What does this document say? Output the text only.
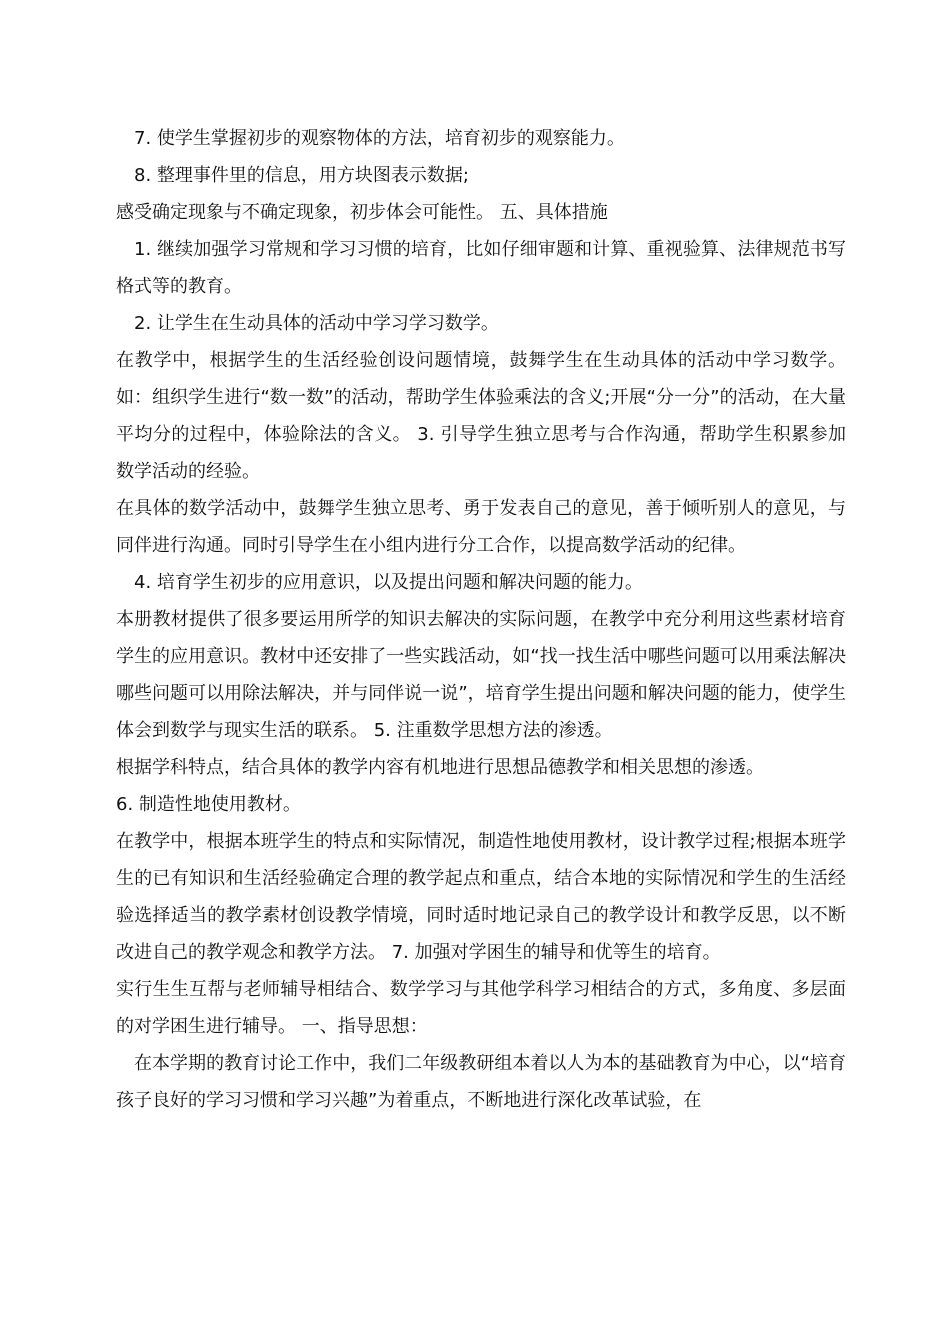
7. 使学生掌握初步的观察物体的方法，培育初步的观察能力。

8. 整理事件里的信息，用方块图表示数据;

感受确定现象与不确定现象，初步体会可能性。 五、具体措施

1. 继续加强学习常规和学习习惯的培育，比如仔细审题和计算、重视验算、法律规范书写格式等的教育。

2. 让学生在生动具体的活动中学习学习数学。

在教学中，根据学生的生活经验创设问题情境，鼓舞学生在生动具体的活动中学习数学。如：组织学生进行“数一数”的活动，帮助学生体验乘法的含义;开展“分一分”的活动，在大量平均分的过程中，体验除法的含义。 3. 引导学生独立思考与合作沟通，帮助学生积累参加数学活动的经验。

在具体的数学活动中，鼓舞学生独立思考、勇于发表自己的意见，善于倾听别人的意见，与同伴进行沟通。同时引导学生在小组内进行分工合作，以提高数学活动的纪律。

4. 培育学生初步的应用意识，以及提出问题和解决问题的能力。

本册教材提供了很多要运用所学的知识去解决的实际问题，在教学中充分利用这些素材培育学生的应用意识。教材中还安排了一些实践活动，如“找一找生活中哪些问题可以用乘法解决哪些问题可以用除法解决，并与同伴说一说”，培育学生提出问题和解决问题的能力，使学生体会到数学与现实生活的联系。 5. 注重数学思想方法的渗透。

根据学科特点，结合具体的教学内容有机地进行思想品德教学和相关思想的渗透。

6. 制造性地使用教材。

在教学中，根据本班学生的特点和实际情况，制造性地使用教材，设计教学过程;根据本班学生的已有知识和生活经验确定合理的教学起点和重点，结合本地的实际情况和学生的生活经验选择适当的教学素材创设教学情境，同时适时地记录自己的教学设计和教学反思，以不断改进自己的教学观念和教学方法。 7. 加强对学困生的辅导和优等生的培育。

实行生生互帮与老师辅导相结合、数学学习与其他学科学习相结合的方式，多角度、多层面的对学困生进行辅导。 一、指导思想：

在本学期的教育讨论工作中，我们二年级教研组本着以人为本的基础教育为中心，以“培育孩子良好的学习习惯和学习兴趣”为着重点，不断地进行深化改革试验，在
